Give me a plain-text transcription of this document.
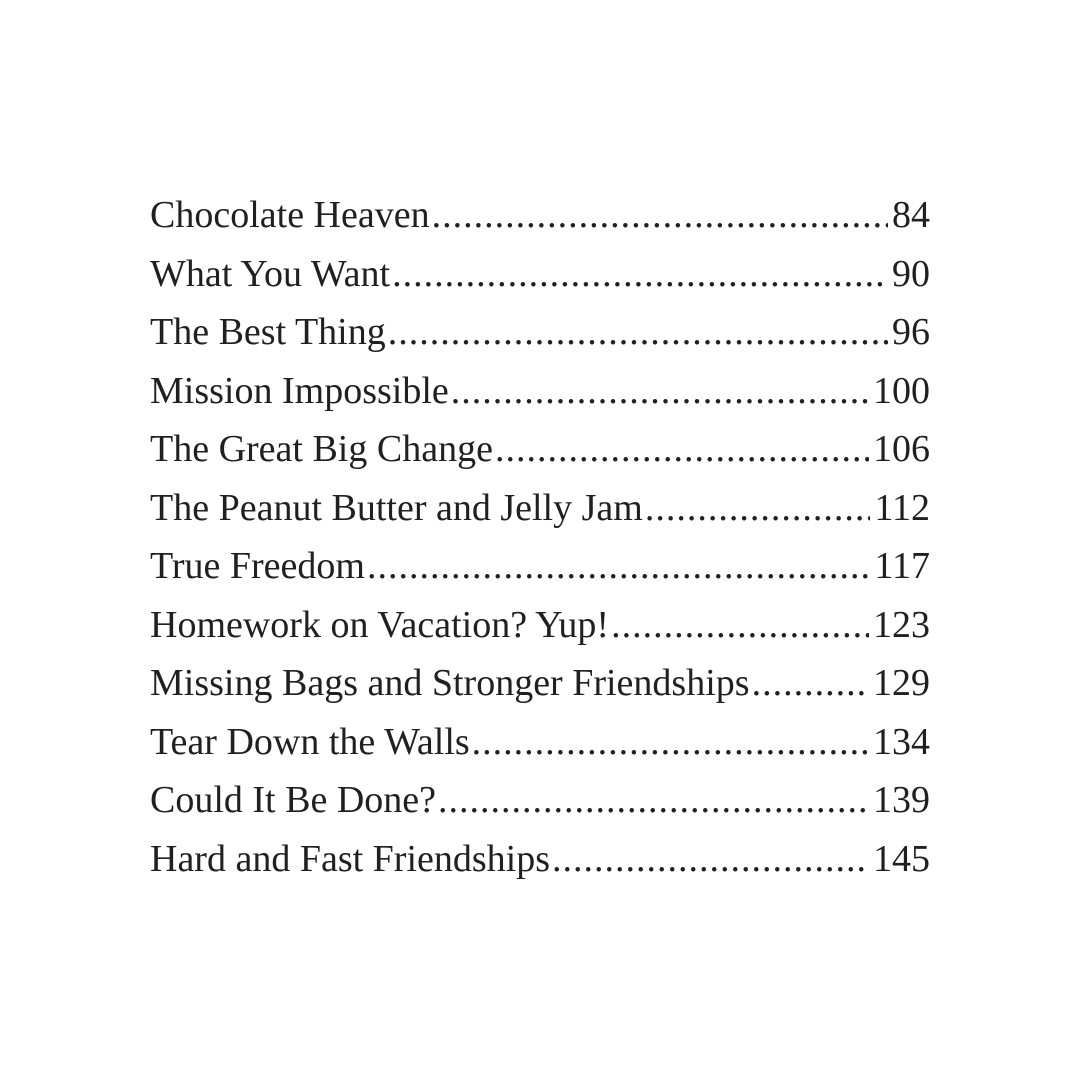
Chocolate Heaven .....	84
What You Want .....	90
The Best Thing .....	96
Mission Impossible .....	100
The Great Big Change .....	106
The Peanut Butter and Jelly Jam .....	112
True Freedom .....	117
Homework on Vacation? Yup! .....	123
Missing Bags and Stronger Friendships .....	129
Tear Down the Walls .....	134
Could It Be Done? .....	139
Hard and Fast Friendships .....	145
